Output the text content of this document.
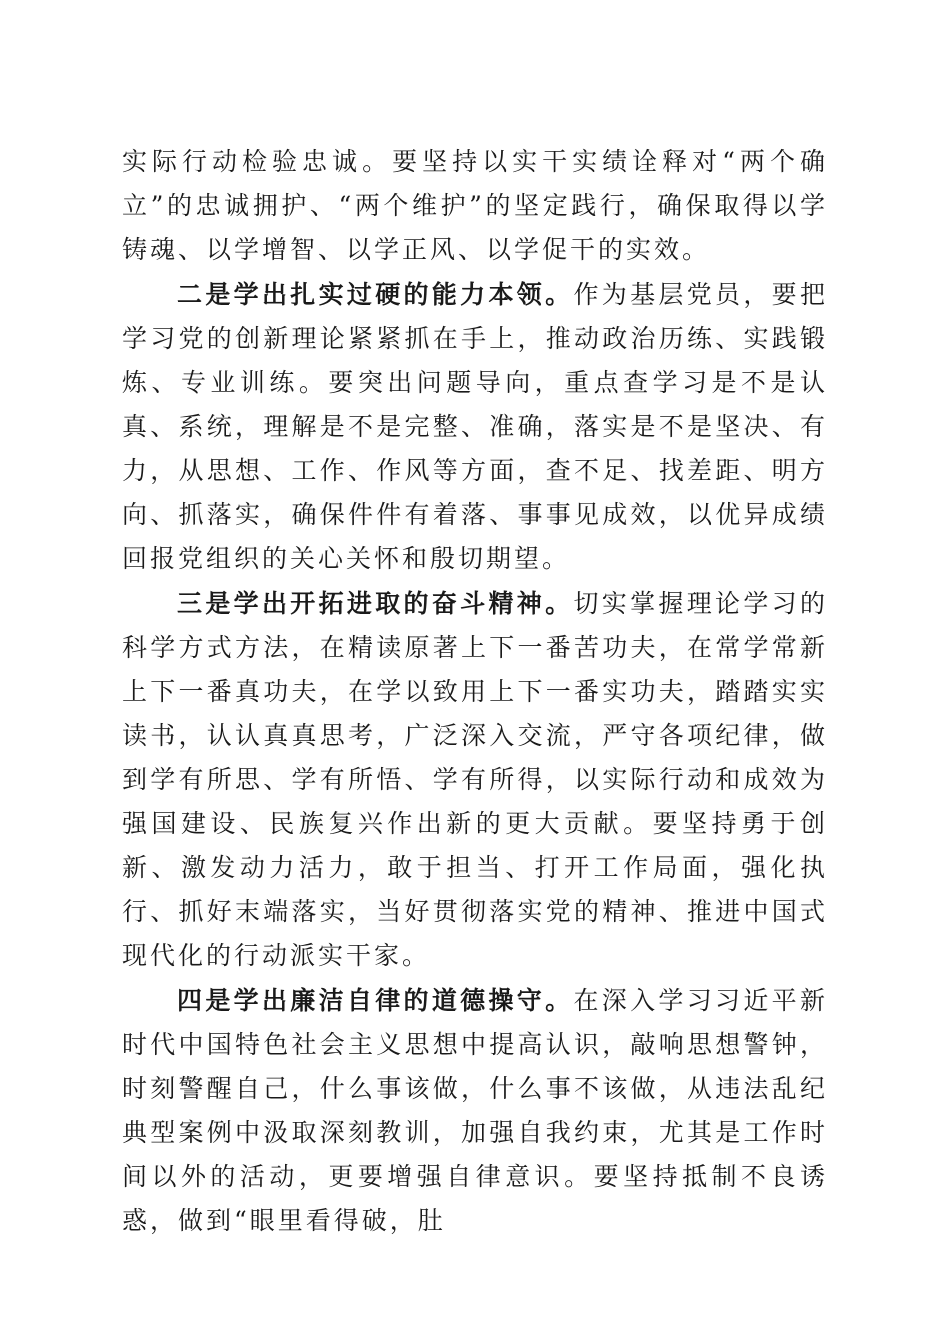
实际行动检验忠诚。要坚持以实干实绩诠释对“两个确立”的忠诚拥护、“两个维护”的坚定践行，确保取得以学铸魂、以学增智、以学正风、以学促干的实效。

二是学出扎实过硬的能力本领。作为基层党员，要把学习党的创新理论紧紧抓在手上，推动政治历练、实践锻炼、专业训练。要突出问题导向，重点查学习是不是认真、系统，理解是不是完整、准确，落实是不是坚决、有力，从思想、工作、作风等方面，查不足、找差距、明方向、抓落实，确保件件有着落、事事见成效，以优异成绩回报党组织的关心关怀和殷切期望。

三是学出开拓进取的奋斗精神。切实掌握理论学习的科学方式方法，在精读原著上下一番苦功夫，在常学常新上下一番真功夫，在学以致用上下一番实功夫，踏踏实实读书，认认真真思考，广泛深入交流，严守各项纪律，做到学有所思、学有所悟、学有所得，以实际行动和成效为强国建设、民族复兴作出新的更大贡献。要坚持勇于创新、激发动力活力，敢于担当、打开工作局面，强化执行、抓好末端落实，当好贯彻落实党的精神、推进中国式现代化的行动派实干家。

四是学出廉洁自律的道德操守。在深入学习习近平新时代中国特色社会主义思想中提高认识，敲响思想警钟，时刻警醒自己，什么事该做，什么事不该做，从违法乱纪典型案例中汲取深刻教训，加强自我约束，尤其是工作时间以外的活动，更要增强自律意识。要坚持抵制不良诱惑，做到“眼里看得破，肚
